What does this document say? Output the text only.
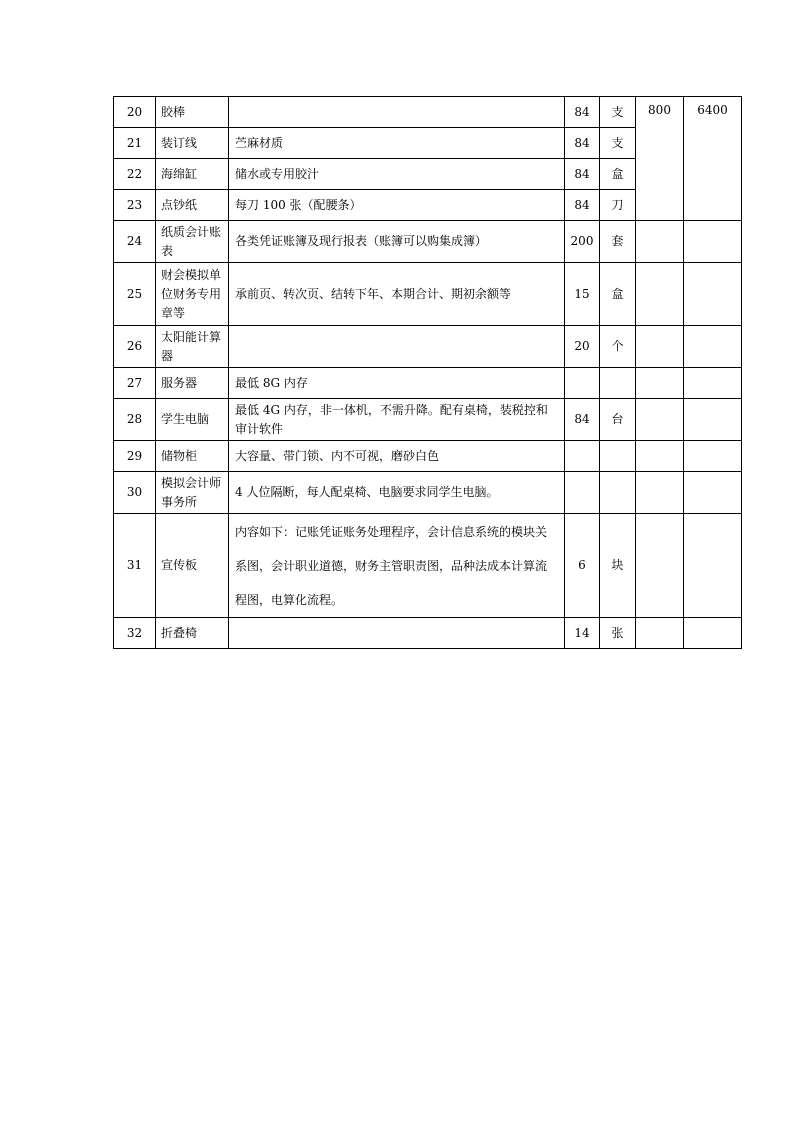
20	胶棒		84	支	800	6400
21	装订线	苎麻材质	84	支		
22	海绵缸	储水或专用胶汁	84	盒		
23	点钞纸	每刀 100 张（配腰条）	84	刀		
24	纸质会计账表	各类凭证账簿及现行报表（账簿可以购集成簿）	200	套		
25	财会模拟单位财务专用章等	承前页、转次页、结转下年、本期合计、期初余额等	15	盒		
26	太阳能计算器		20	个		
27	服务器	最低 8G 内存				
28	学生电脑	最低 4G 内存，非一体机，不需升降。配有桌椅，装税控和审计软件	84	台		
29	储物柜	大容量、带门锁、内不可视，磨砂白色				
30	模拟会计师事务所	4 人位隔断，每人配桌椅、电脑要求同学生电脑。				
31	宣传板	内容如下：记账凭证账务处理程序，会计信息系统的模块关系图，会计职业道德，财务主管职责图，品种法成本计算流程图，电算化流程。	6	块		
32	折叠椅		14	张		
